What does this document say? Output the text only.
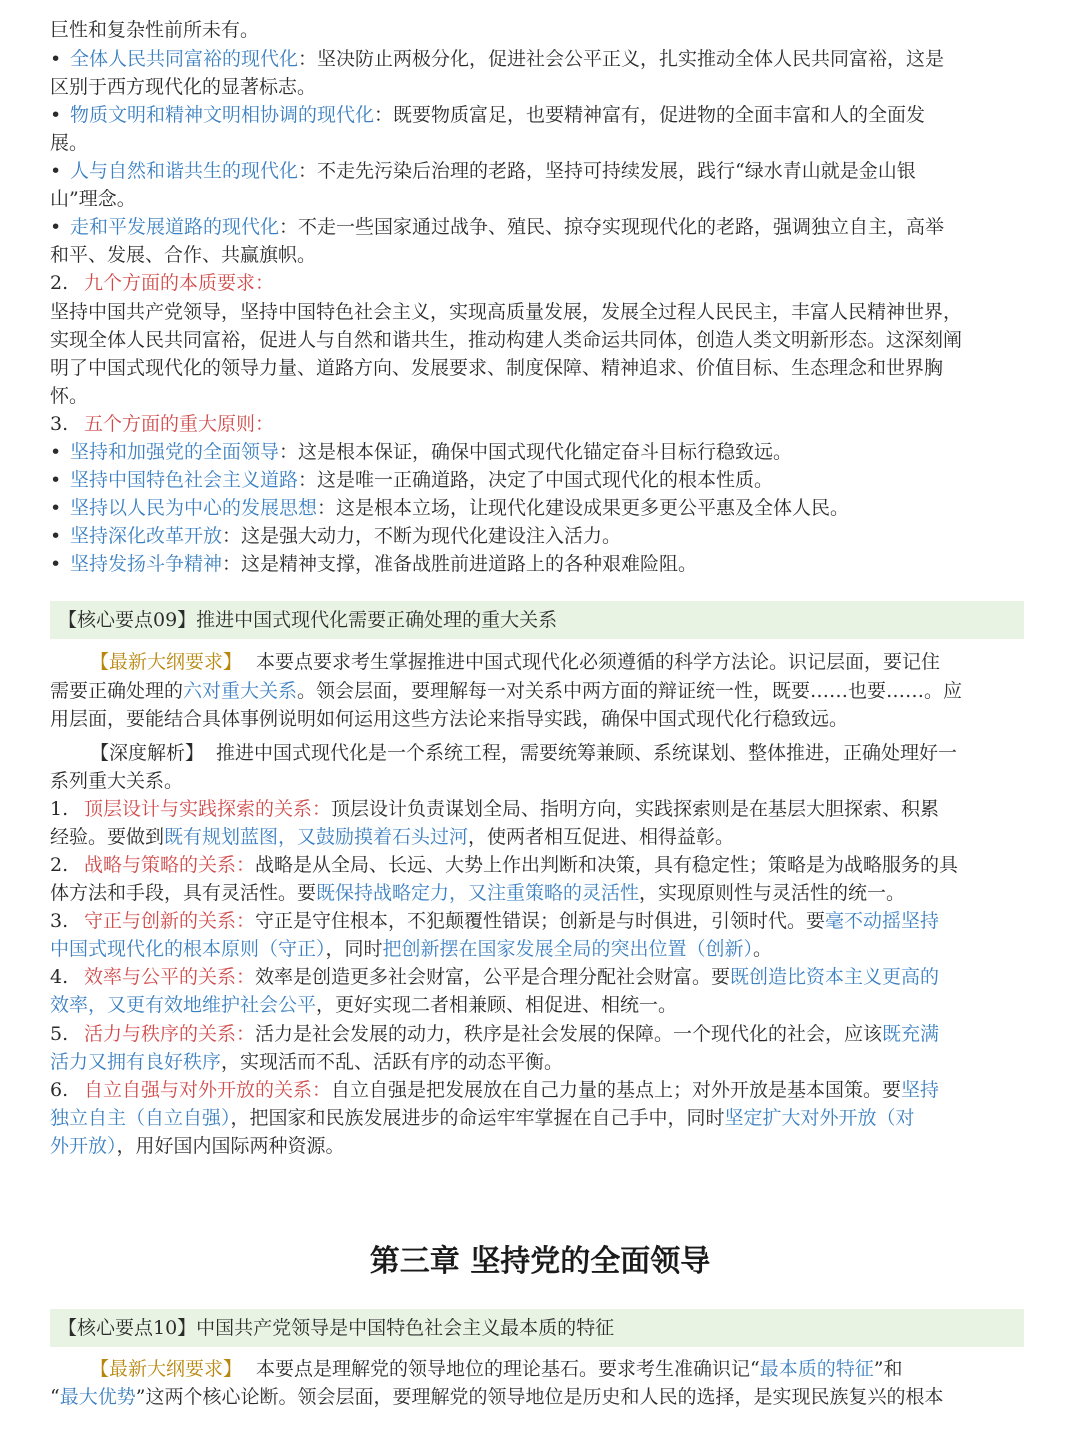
巨性和复杂性前所未有。
• 全体人民共同富裕的现代化：坚决防止两极分化，促进社会公平正义，扎实推动全体人民共同富裕，这是
区别于西方现代化的显著标志。
• 物质文明和精神文明相协调的现代化：既要物质富足，也要精神富有，促进物的全面丰富和人的全面发
展。
• 人与自然和谐共生的现代化：不走先污染后治理的老路，坚持可持续发展，践行“绿水青山就是金山银
山”理念。
• 走和平发展道路的现代化：不走一些国家通过战争、殖民、掠夺实现现代化的老路，强调独立自主，高举
和平、发展、合作、共赢旗帜。
2. 九个方面的本质要求：
坚持中国共产党领导，坚持中国特色社会主义，实现高质量发展，发展全过程人民民主，丰富人民精神世界，
实现全体人民共同富裕，促进人与自然和谐共生，推动构建人类命运共同体，创造人类文明新形态。这深刻阐
明了中国式现代化的领导力量、道路方向、发展要求、制度保障、精神追求、价值目标、生态理念和世界胸
怀。
3. 五个方面的重大原则：
• 坚持和加强党的全面领导：这是根本保证，确保中国式现代化锚定奋斗目标行稳致远。
• 坚持中国特色社会主义道路：这是唯一正确道路，决定了中国式现代化的根本性质。
• 坚持以人民为中心的发展思想：这是根本立场，让现代化建设成果更多更公平惠及全体人民。
• 坚持深化改革开放：这是强大动力，不断为现代化建设注入活力。
• 坚持发扬斗争精神：这是精神支撑，准备战胜前进道路上的各种艰难险阻。
【核心要点09】推进中国式现代化需要正确处理的重大关系
【最新大纲要求】 本要点要求考生掌握推进中国式现代化必须遵循的科学方法论。识记层面，要记住
需要正确处理的六对重大关系。领会层面，要理解每一对关系中两方面的辩证统一性，既要……也要……。应
用层面，要能结合具体事例说明如何运用这些方法论来指导实践，确保中国式现代化行稳致远。
【深度解析】 推进中国式现代化是一个系统工程，需要统筹兼顾、系统谋划、整体推进，正确处理好一
系列重大关系。
1. 顶层设计与实践探索的关系：顶层设计负责谋划全局、指明方向，实践探索则是在基层大胆探索、积累
经验。要做到既有规划蓝图，又鼓励摸着石头过河，使两者相互促进、相得益彰。
2. 战略与策略的关系：战略是从全局、长远、大势上作出判断和决策，具有稳定性；策略是为战略服务的具
体方法和手段，具有灵活性。要既保持战略定力，又注重策略的灵活性，实现原则性与灵活性的统一。
3. 守正与创新的关系：守正是守住根本，不犯颠覆性错误；创新是与时俱进，引领时代。要毫不动摇坚持
中国式现代化的根本原则（守正），同时把创新摆在国家发展全局的突出位置（创新）。
4. 效率与公平的关系：效率是创造更多社会财富，公平是合理分配社会财富。要既创造比资本主义更高的
效率，又更有效地维护社会公平，更好实现二者相兼顾、相促进、相统一。
5. 活力与秩序的关系：活力是社会发展的动力，秩序是社会发展的保障。一个现代化的社会，应该既充满
活力又拥有良好秩序，实现活而不乱、活跃有序的动态平衡。
6. 自立自强与对外开放的关系：自立自强是把发展放在自己力量的基点上；对外开放是基本国策。要坚持
独立自主（自立自强），把国家和民族发展进步的命运牢牢掌握在自己手中，同时坚定扩大对外开放（对
外开放），用好国内国际两种资源。
第三章 坚持党的全面领导
【核心要点10】中国共产党领导是中国特色社会主义最本质的特征
【最新大纲要求】 本要点是理解党的领导地位的理论基石。要求考生准确识记“最本质的特征”和
“最大优势”这两个核心论断。领会层面，要理解党的领导地位是历史和人民的选择，是实现民族复兴的根本
